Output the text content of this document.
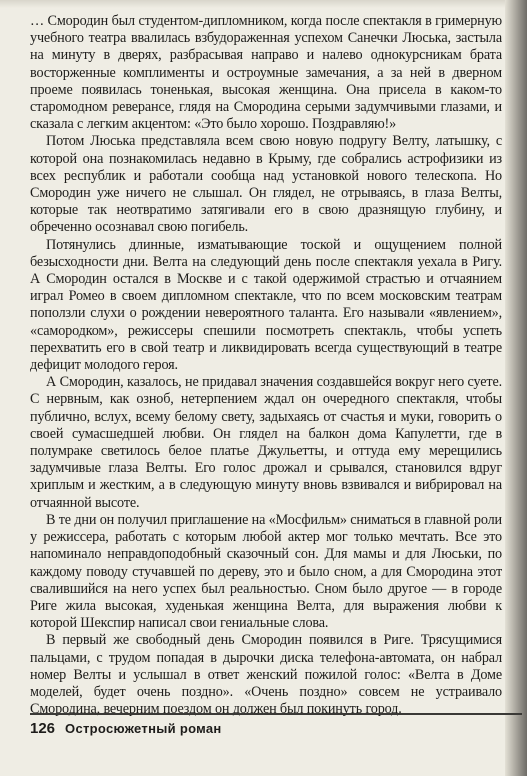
… Смородин был студентом-дипломником, когда после спектакля в гримерную учебного театра ввалилась взбудораженная успехом Санечки Люська, застыла на минуту в дверях, разбрасывая направо и налево однокурсникам брата восторженные комплименты и остроумные замечания, а за ней в дверном проеме появилась тоненькая, высокая женщина. Она присела в каком-то старомодном реверансе, глядя на Смородина серыми задумчивыми глазами, и сказала с легким акцентом: «Это было хорошо. Поздравляю!»

Потом Люська представляла всем свою новую подругу Велту, латышку, с которой она познакомилась недавно в Крыму, где собрались астрофизики из всех республик и работали сообща над установкой нового телескопа. Но Смородин уже ничего не слышал. Он глядел, не отрываясь, в глаза Велты, которые так неотвратимо затягивали его в свою дразнящую глубину, и обреченно осознавал свою погибель.

Потянулись длинные, изматывающие тоской и ощущением полной безысходности дни. Велта на следующий день после спектакля уехала в Ригу. А Смородин остался в Москве и с такой одержимой страстью и отчаянием играл Ромео в своем дипломном спектакле, что по всем московским театрам поползли слухи о рождении невероятного таланта. Его называли «явлением», «самородком», режиссеры спешили посмотреть спектакль, чтобы успеть перехватить его в свой театр и ликвидировать всегда существующий в театре дефицит молодого героя.

А Смородин, казалось, не придавал значения создавшейся вокруг него суете. С нервным, как озноб, нетерпением ждал он очередного спектакля, чтобы публично, вслух, всему белому свету, задыхаясь от счастья и муки, говорить о своей сумасшедшей любви. Он глядел на балкон дома Капулетти, где в полумраке светилось белое платье Джульетты, и оттуда ему мерещились задумчивые глаза Велты. Его голос дрожал и срывался, становился вдруг хриплым и жестким, а в следующую минуту вновь взвивался и вибрировал на отчаянной высоте.

В те дни он получил приглашение на «Мосфильм» сниматься в главной роли у режиссера, работать с которым любой актер мог только мечтать. Все это напоминало неправдоподобный сказочный сон. Для мамы и для Люськи, по каждому поводу стучавшей по дереву, это и было сном, а для Смородина этот свалившийся на него успех был реальностью. Сном было другое — в городе Риге жила высокая, худенькая женщина Велта, для выражения любви к которой Шекспир написал свои гениальные слова.

В первый же свободный день Смородин появился в Риге. Трясущимися пальцами, с трудом попадая в дырочки диска телефона-автомата, он набрал номер Велты и услышал в ответ женский пожилой голос: «Велта в Доме моделей, будет очень поздно». «Очень поздно» совсем не устраивало Смородина, вечерним поездом он должен был покинуть город.

126 Остросюжетный роман
